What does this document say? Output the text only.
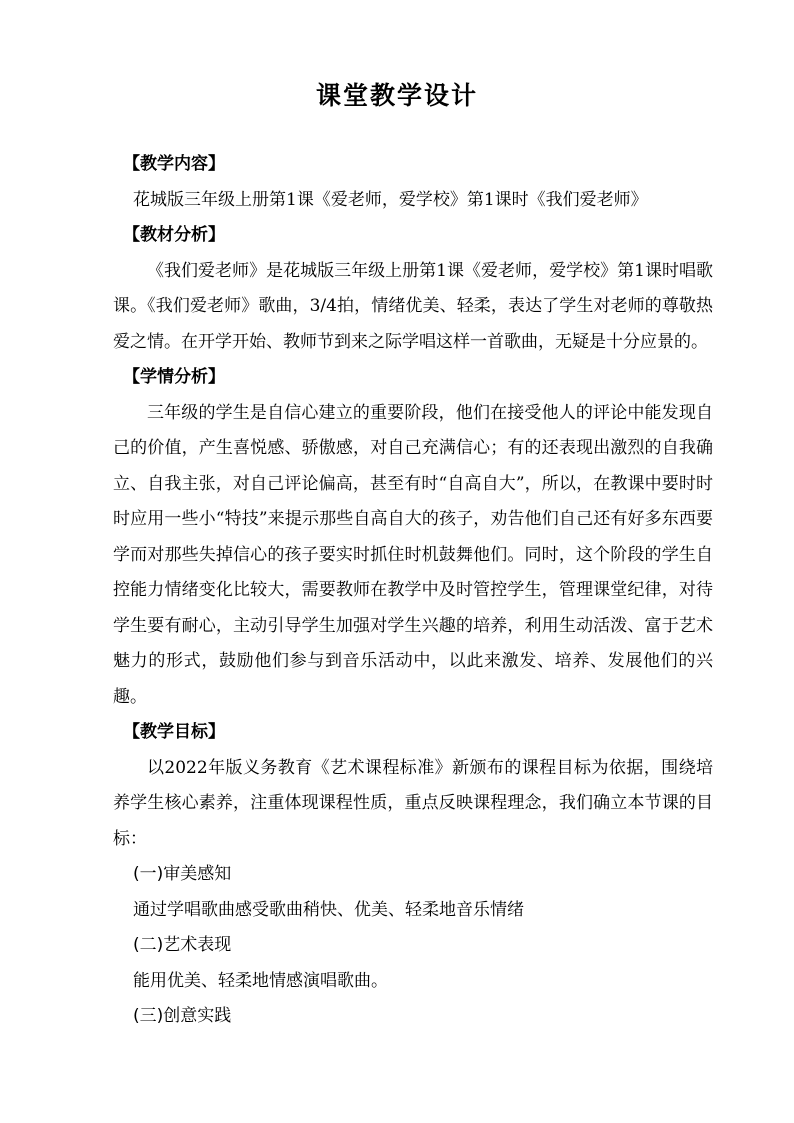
课堂教学设计

【教学内容】

花城版三年级上册第1课《爱老师，爱学校》第1课时《我们爱老师》

【教材分析】

《我们爱老师》是花城版三年级上册第1课《爱老师，爱学校》第1课时唱歌课。《我们爱老师》歌曲，3/4拍，情绪优美、轻柔，表达了学生对老师的尊敬热爱之情。在开学开始、教师节到来之际学唱这样一首歌曲，无疑是十分应景的。

【学情分析】

三年级的学生是自信心建立的重要阶段，他们在接受他人的评论中能发现自己的价值，产生喜悦感、骄傲感，对自己充满信心；有的还表现出激烈的自我确立、自我主张，对自己评论偏高，甚至有时“自高自大”，所以，在教课中要时时时应用一些小“特技”来提示那些自高自大的孩子，劝告他们自己还有好多东西要学而对那些失掉信心的孩子要实时抓住时机鼓舞他们。同时，这个阶段的学生自控能力情绪变化比较大，需要教师在教学中及时管控学生，管理课堂纪律，对待学生要有耐心，主动引导学生加强对学生兴趣的培养，利用生动活泼、富于艺术魅力的形式，鼓励他们参与到音乐活动中，以此来激发、培养、发展他们的兴趣。

【教学目标】

以2022年版义务教育《艺术课程标准》新颁布的课程目标为依据，围绕培养学生核心素养，注重体现课程性质，重点反映课程理念，我们确立本节课的目标：

(一)审美感知

通过学唱歌曲感受歌曲稍快、优美、轻柔地音乐情绪

(二)艺术表现

能用优美、轻柔地情感演唱歌曲。

(三)创意实践
